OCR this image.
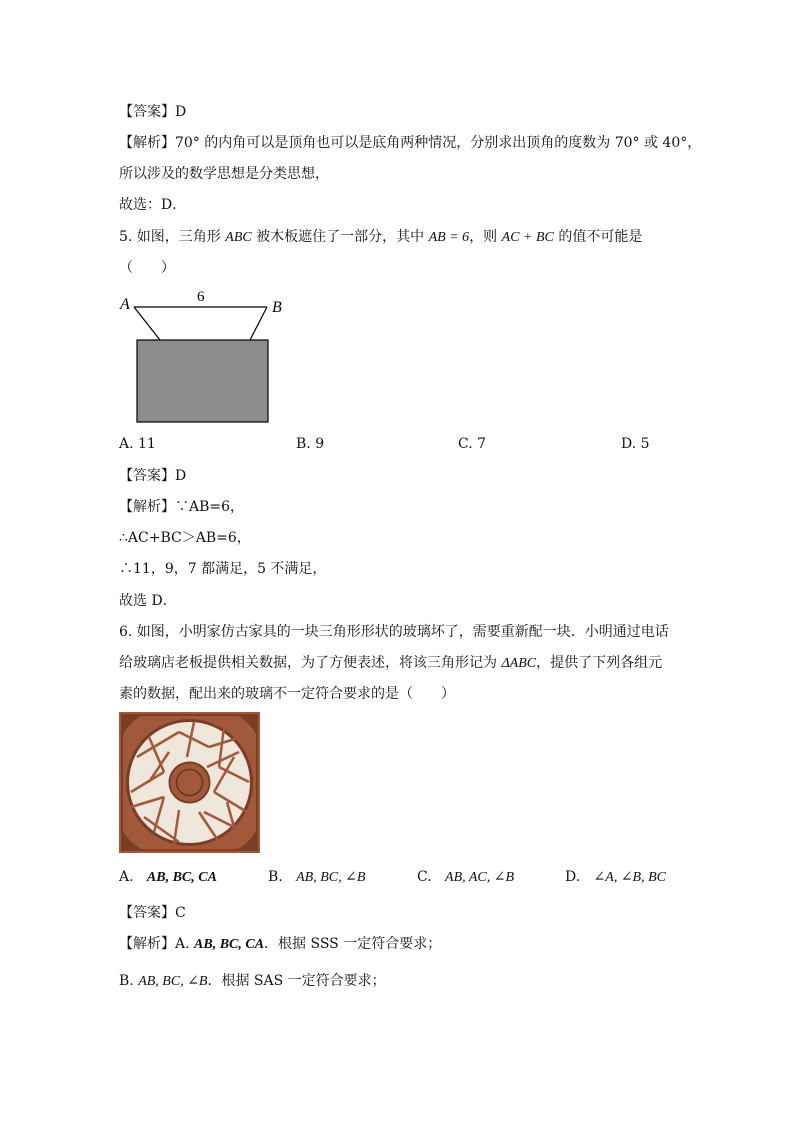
【答案】D
【解析】70° 的内角可以是顶角也可以是底角两种情况，分别求出顶角的度数为 70° 或 40°，
所以涉及的数学思想是分类思想，
故选：D．
5. 如图，三角形 ABC 被木板遮住了一部分，其中 AB = 6，则 AC + BC 的值不可能是
（　　）
A	B
6
A. 11	B. 9	C. 7	D. 5
【答案】D
【解析】∵AB=6，
∴AC+BC＞AB=6，
∴11，9，7 都满足，5 不满足，
故选 D．
6. 如图，小明家仿古家具的一块三角形形状的玻璃坏了，需要重新配一块．小明通过电话
给玻璃店老板提供相关数据，为了方便表述，将该三角形记为 ΔABC，提供了下列各组元
素的数据，配出来的玻璃不一定符合要求的是（　　）
A. AB, BC, CA	B. AB, BC, ∠B	C. AB, AC, ∠B	D. ∠A, ∠B, BC
【答案】C
【解析】A. AB, BC, CA．根据 SSS 一定符合要求；
B. AB, BC, ∠B．根据 SAS 一定符合要求；
